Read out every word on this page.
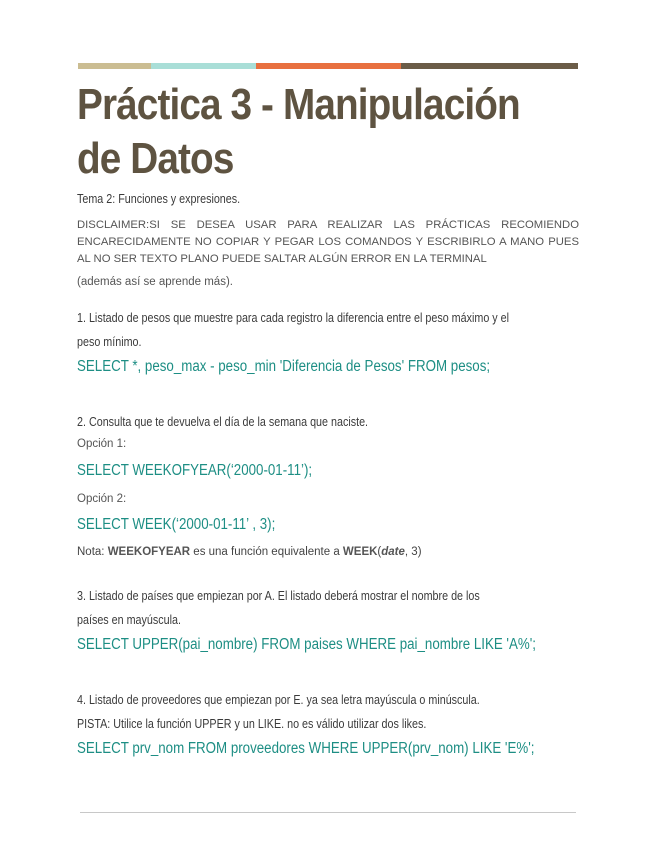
Práctica 3 - Manipulación de Datos
Tema 2: Funciones y expresiones.

DISCLAIMER:SI SE DESEA USAR PARA REALIZAR LAS PRÁCTICAS RECOMIENDO ENCARECIDAMENTE NO COPIAR Y PEGAR LOS COMANDOS Y ESCRIBIRLO A MANO PUES AL NO SER TEXTO PLANO PUEDE SALTAR ALGÚN ERROR EN LA TERMINAL

(además así se aprende más).
1. Listado de pesos que muestre para cada registro la diferencia entre el peso máximo y el
peso mínimo.
SELECT *, peso_max - peso_min 'Diferencia de Pesos' FROM pesos;
2. Consulta que te devuelva el día de la semana que naciste.
Opción 1:
SELECT WEEKOFYEAR(‘2000-01-11’);
Opción 2:
SELECT WEEK(‘2000-01-11’ , 3);
Nota: WEEKOFYEAR es una función equivalente a WEEK(date, 3)
3. Listado de países que empiezan por A. El listado deberá mostrar el nombre de los
países en mayúscula.
SELECT UPPER(pai_nombre) FROM paises WHERE pai_nombre LIKE 'A%';
4. Listado de proveedores que empiezan por E. ya sea letra mayúscula o minúscula.
PISTA: Utilice la función UPPER y un LIKE. no es válido utilizar dos likes.
SELECT prv_nom FROM proveedores WHERE UPPER(prv_nom) LIKE 'E%';
